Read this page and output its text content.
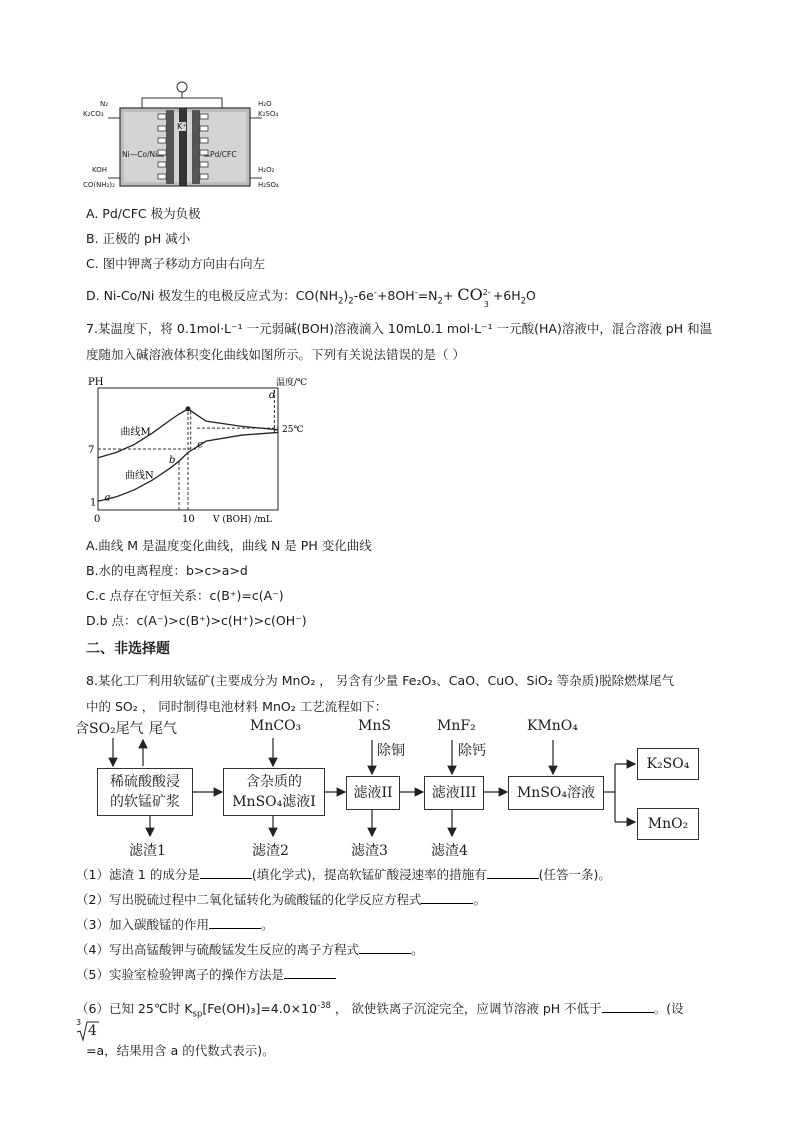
N₂
K₂CO₃
H₂O
K₂SO₄
KOH
CO(NH₂)₂
H₂O₂
H₂SO₄
K⁺
Ni—Co/Ni	Pd/CFC
A. Pd/CFC 极为负极
B. 正极的 pH 减小
C. 图中钾离子移动方向由右向左
D. Ni-Co/Ni 极发生的电极反应式为：$CO(NH_2)_2-6e^-+8OH^-=N_2+$ CO 2-
3
$+6H_2O$
7.某温度下，将 0.1mol·L⁻¹ 一元弱碱(BOH)溶液滴入 10mL0.1 mol·L⁻¹ 一元酸(HA)溶液中，混合溶液 pH 和温
度随加入碱溶液体积变化曲线如图所示。下列有关说法错误的是（ ）
PH	温度/℃
V (BOH) /mL
7
1
0	10
25℃
曲线M
曲线N
a
b
c
d
A.曲线 M 是温度变化曲线，曲线 N 是 PH 变化曲线
B.水的电离程度：b>c>a>d
C.c 点存在守恒关系：c(B⁺)=c(A⁻)
D.b 点：c(A⁻)>c(B⁺)>c(H⁺)>c(OH⁻)
二、非选择题
8.某化工厂利用软锰矿(主要成分为 MnO₂ ， 另含有少量 Fe₂O₃、CaO、CuO、SiO₂ 等杂质)脱除燃煤尾气
中的 SO₂ ， 同时制得电池材料 MnO₂ 工艺流程如下：
含SO₂尾气 尾气
稀硫酸酸浸
的软锰矿浆
MnCO₃
含杂质的
MnSO₄滤液I
MnS
除铜
滤液II
MnF₂
除钙
滤液III
KMnO₄
MnSO₄溶液
K₂SO₄
MnO₂
滤渣1	滤渣2	滤渣3	滤渣4
（1）滤渣 1 的成分是	(填化学式)，提高软锰矿酸浸速率的措施有	(任答一条)。
（2）写出脱硫过程中二氧化锰转化为硫酸锰的化学反应方程式	。
（3）加入碳酸锰的作用	。
（4）写出高锰酸钾与硫酸锰发生反应的离子方程式	。
（5）实验室检验钾离子的操作方法是
（6）已知 25℃时 $K_{sp}[Fe(OH)_3]=4.0\times 10^{-38}$ ， 欲使铁离子沉淀完全，应调节溶液 pH 不低于	。(设
3
4
=a，结果用含 a 的代数式表示)。
